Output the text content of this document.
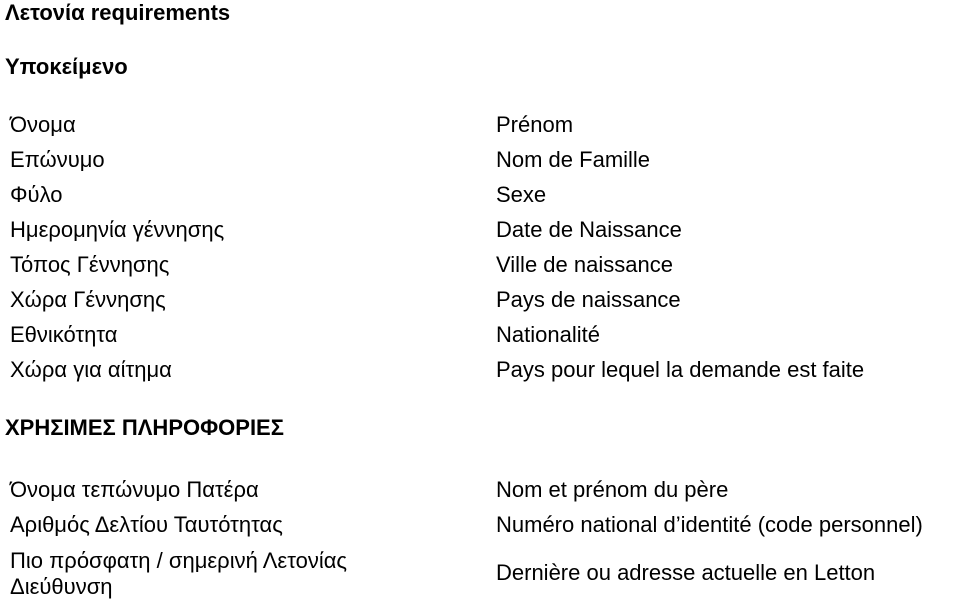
Λετονία requirements
Υποκείμενο
Όνομα
Επώνυμο
Φύλο
Ημερομηνία γέννησης
Τόπος Γέννησης
Χώρα Γέννησης
Εθνικότητα
Χώρα για αίτημα
Prénom
Nom de Famille
Sexe
Date de Naissance
Ville de naissance
Pays de naissance
Nationalité
Pays pour lequel la demande est faite
ΧΡΗΣΙΜΕΣ ΠΛΗΡΟΦΟΡΙΕΣ
Όνομα τεπώνυμο Πατέρα
Αριθμός Δελτίου Ταυτότητας
Πιο πρόσφατη / σημερινή Λετονίας Διεύθυνση
Nom et prénom du père
Numéro national d’identité (code personnel)
Dernière ou adresse actuelle en Letton
